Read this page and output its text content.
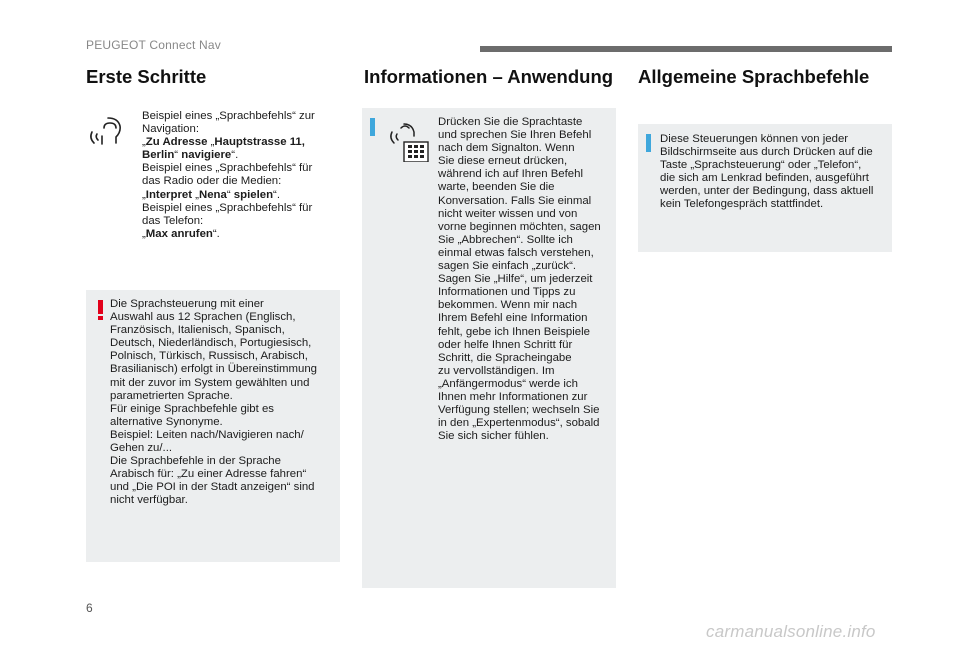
PEUGEOT Connect Nav
Erste Schritte
Beispiel eines „Sprachbefehls“ zur
Navigation:
„Zu Adresse „Hauptstrasse 11,
Berlin“ navigiere“.
Beispiel eines „Sprachbefehls“ für
das Radio oder die Medien:
„Interpret „Nena“ spielen“.
Beispiel eines „Sprachbefehls“ für
das Telefon:
„Max anrufen“.
Die Sprachsteuerung mit einer
Auswahl aus 12 Sprachen (Englisch,
Französisch, Italienisch, Spanisch,
Deutsch, Niederländisch, Portugiesisch,
Polnisch, Türkisch, Russisch, Arabisch,
Brasilianisch) erfolgt in Übereinstimmung
mit der zuvor im System gewählten und
parametrierten Sprache.
Für einige Sprachbefehle gibt es
alternative Synonyme.
Beispiel: Leiten nach/Navigieren nach/
Gehen zu/...
Die Sprachbefehle in der Sprache
Arabisch für: „Zu einer Adresse fahren“
und „Die POI in der Stadt anzeigen“ sind
nicht verfügbar.
Informationen – Anwendung
Drücken Sie die Sprachtaste
und sprechen Sie Ihren Befehl
nach dem Signalton. Wenn
Sie diese erneut drücken,
während ich auf Ihren Befehl
warte, beenden Sie die
Konversation. Falls Sie einmal
nicht weiter wissen und von
vorne beginnen möchten, sagen
Sie „Abbrechen“. Sollte ich
einmal etwas falsch verstehen,
sagen Sie einfach „zurück“.
Sagen Sie „Hilfe“, um jederzeit
Informationen und Tipps zu
bekommen. Wenn mir nach
Ihrem Befehl eine Information
fehlt, gebe ich Ihnen Beispiele
oder helfe Ihnen Schritt für
Schritt, die Spracheingabe
zu vervollständigen. Im
„Anfängermodus“ werde ich
Ihnen mehr Informationen zur
Verfügung stellen; wechseln Sie
in den „Expertenmodus“, sobald
Sie sich sicher fühlen.
Allgemeine Sprachbefehle
Diese Steuerungen können von jeder
Bildschirmseite aus durch Drücken auf die
Taste „Sprachsteuerung“ oder „Telefon“,
die sich am Lenkrad befinden, ausgeführt
werden, unter der Bedingung, dass aktuell
kein Telefongespräch stattfindet.
6
carmanualsonline.info
